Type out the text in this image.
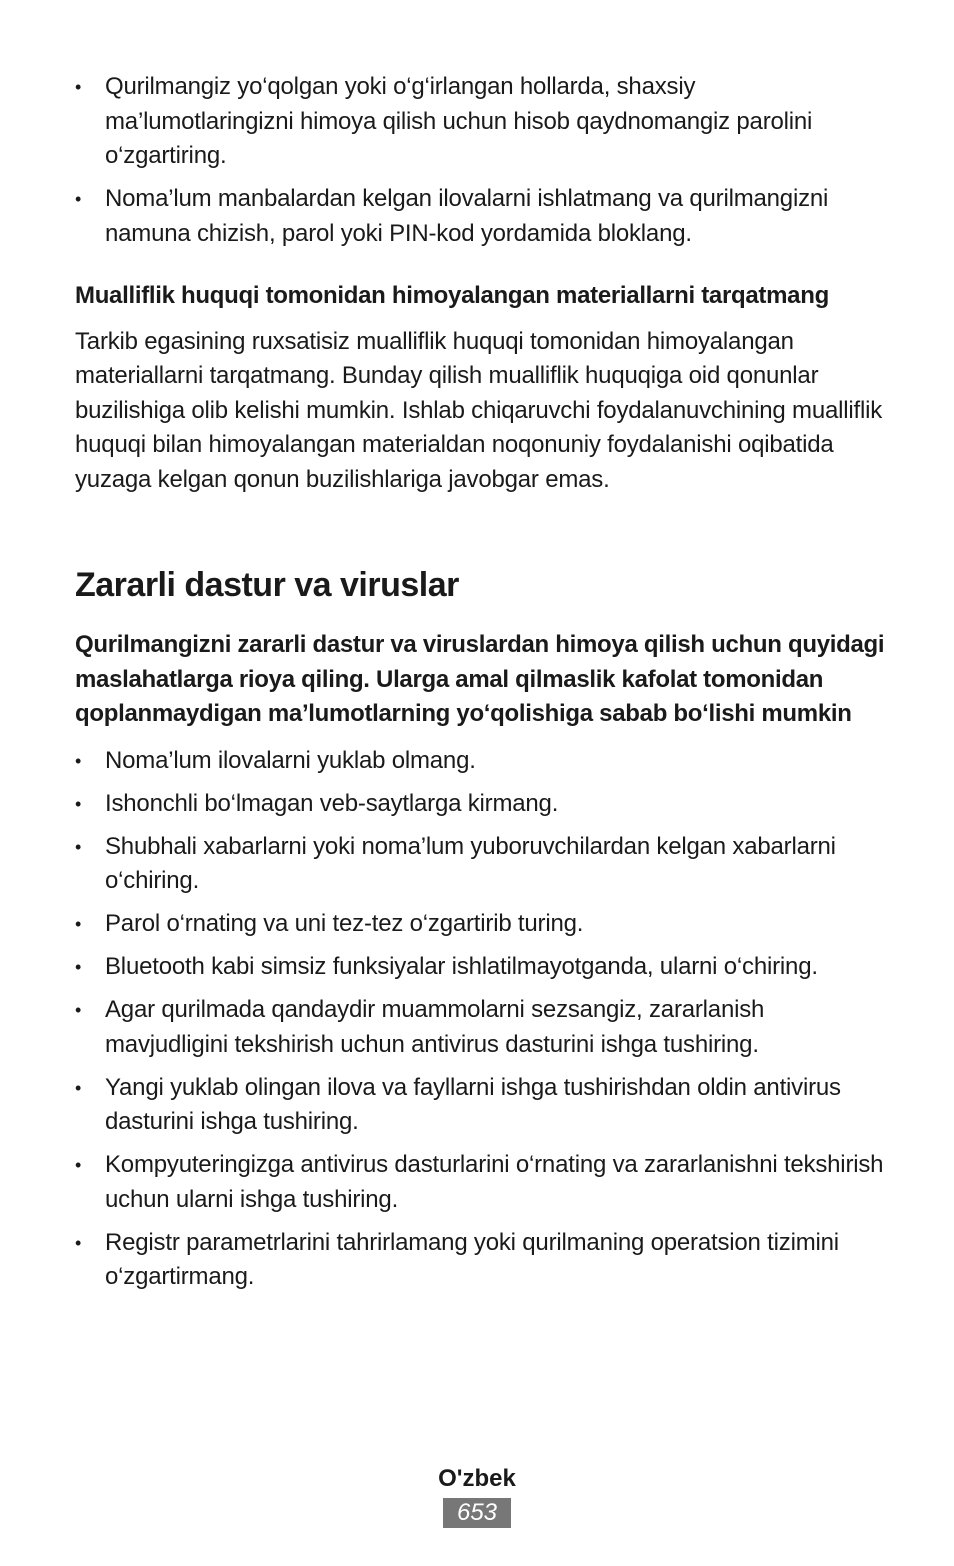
• Qurilmangiz yo‘qolgan yoki o‘g‘irlangan hollarda, shaxsiy ma’lumotlaringizni himoya qilish uchun hisob qaydnomangiz parolini o‘zgartiring.
• Noma’lum manbalardan kelgan ilovalarni ishlatmang va qurilmangizni namuna chizish, parol yoki PIN-kod yordamida bloklang.
Mualliflik huquqi tomonidan himoyalangan materiallarni tarqatmang

Tarkib egasining ruxsatisiz mualliflik huquqi tomonidan himoyalangan materiallarni tarqatmang. Bunday qilish mualliflik huquqiga oid qonunlar buzilishiga olib kelishi mumkin. Ishlab chiqaruvchi foydalanuvchining mualliflik huquqi bilan himoyalangan materialdan noqonuniy foydalanishi oqibatida yuzaga kelgan qonun buzilishlariga javobgar emas.

Zararli dastur va viruslar
Qurilmangizni zararli dastur va viruslardan himoya qilish uchun quyidagi maslahatlarga rioya qiling. Ularga amal qilmaslik kafolat tomonidan qoplanmaydigan ma’lumotlarning yo‘qolishiga sabab bo‘lishi mumkin
• Noma’lum ilovalarni yuklab olmang.
• Ishonchli bo‘lmagan veb-saytlarga kirmang.
• Shubhali xabarlarni yoki noma’lum yuboruvchilardan kelgan xabarlarni o‘chiring.
• Parol o‘rnating va uni tez-tez o‘zgartirib turing.
• Bluetooth kabi simsiz funksiyalar ishlatilmayotganda, ularni o‘chiring.
• Agar qurilmada qandaydir muammolarni sezsangiz, zararlanish mavjudligini tekshirish uchun antivirus dasturini ishga tushiring.
• Yangi yuklab olingan ilova va fayllarni ishga tushirishdan oldin antivirus dasturini ishga tushiring.
• Kompyuteringizga antivirus dasturlarini o‘rnating va zararlanishni tekshirish uchun ularni ishga tushiring.
• Registr parametrlarini tahrirlamang yoki qurilmaning operatsion tizimini o‘zgartirmang.
O'zbek
653
